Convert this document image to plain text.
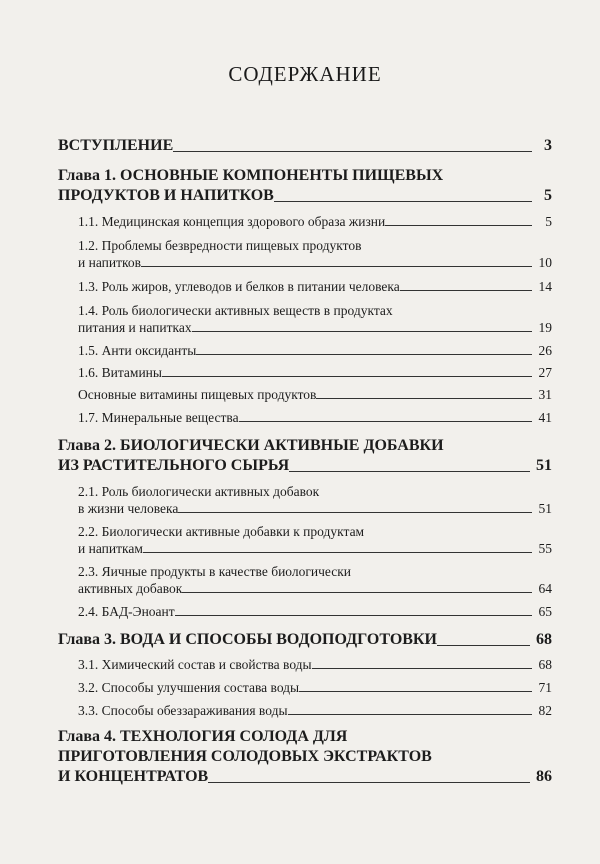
СОДЕРЖАНИЕ
ВСТУПЛЕНИЕ	3
Глава 1. ОСНОВНЫЕ КОМПОНЕНТЫ ПИЩЕВЫХ
ПРОДУКТОВ И НАПИТКОВ	5
1.1. Медицинская концепция здорового образа жизни	5
1.2. Проблемы безвредности пищевых продуктов
и напитков	10
1.3. Роль жиров, углеводов и белков в питании человека	14
1.4. Роль биологически активных веществ в продуктах
питания и напитках	19
1.5. Анти оксиданты	26
1.6. Витамины	27
Основные витамины пищевых продуктов	31
1.7. Минеральные вещества	41
Глава 2. БИОЛОГИЧЕСКИ АКТИВНЫЕ ДОБАВКИ
ИЗ РАСТИТЕЛЬНОГО СЫРЬЯ	51
2.1. Роль биологически активных добавок
в жизни человека	51
2.2. Биологически активные добавки к продуктам
и напиткам	55
2.3. Яичные продукты в качестве биологически
активных добавок	64
2.4. БАД-Эноант	65
Глава 3. ВОДА И СПОСОБЫ ВОДОПОДГОТОВКИ	68
3.1. Химический состав и свойства воды	68
3.2. Способы улучшения состава воды	71
3.3. Способы обеззараживания воды	82
Глава 4. ТЕХНОЛОГИЯ СОЛОДА ДЛЯ
ПРИГОТОВЛЕНИЯ СОЛОДОВЫХ ЭКСТРАКТОВ
И КОНЦЕНТРАТОВ	86
